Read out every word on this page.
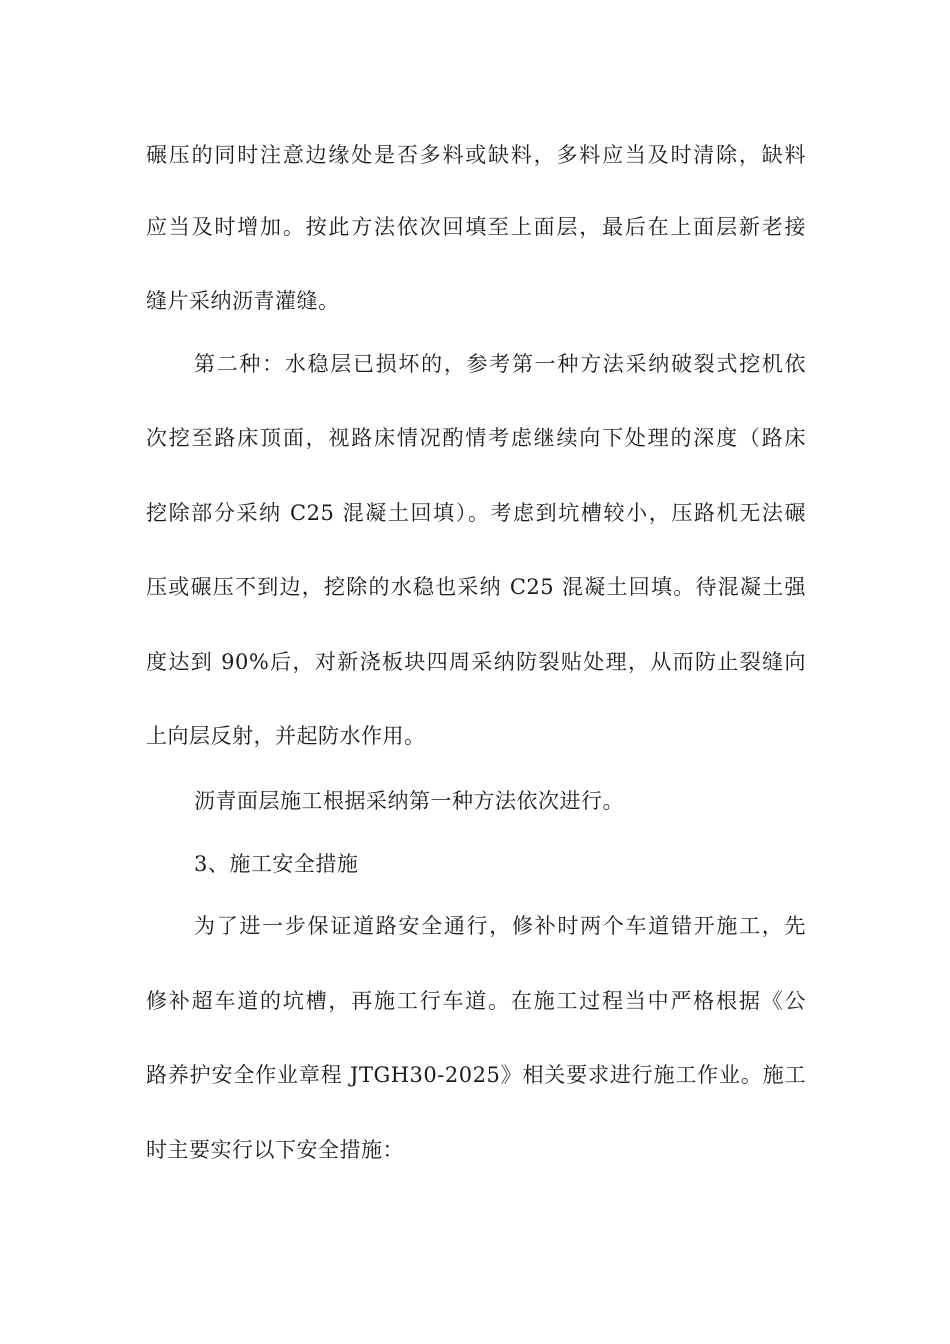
碾压的同时注意边缘处是否多料或缺料，多料应当及时清除，缺料
应当及时增加。按此方法依次回填至上面层，最后在上面层新老接
缝片采纳沥青灌缝。
第二种：水稳层已损坏的，参考第一种方法采纳破裂式挖机依
次挖至路床顶面，视路床情况酌情考虑继续向下处理的深度（路床
挖除部分采纳 C25 混凝土回填）。考虑到坑槽较小，压路机无法碾
压或碾压不到边，挖除的水稳也采纳 C25 混凝土回填。待混凝土强
度达到 90%后，对新浇板块四周采纳防裂贴处理，从而防止裂缝向
上向层反射，并起防水作用。
沥青面层施工根据采纳第一种方法依次进行。
3、施工安全措施
为了进一步保证道路安全通行，修补时两个车道错开施工，先
修补超车道的坑槽，再施工行车道。在施工过程当中严格根据《公
路养护安全作业章程 JTGH30-2025》相关要求进行施工作业。施工
时主要实行以下安全措施：
